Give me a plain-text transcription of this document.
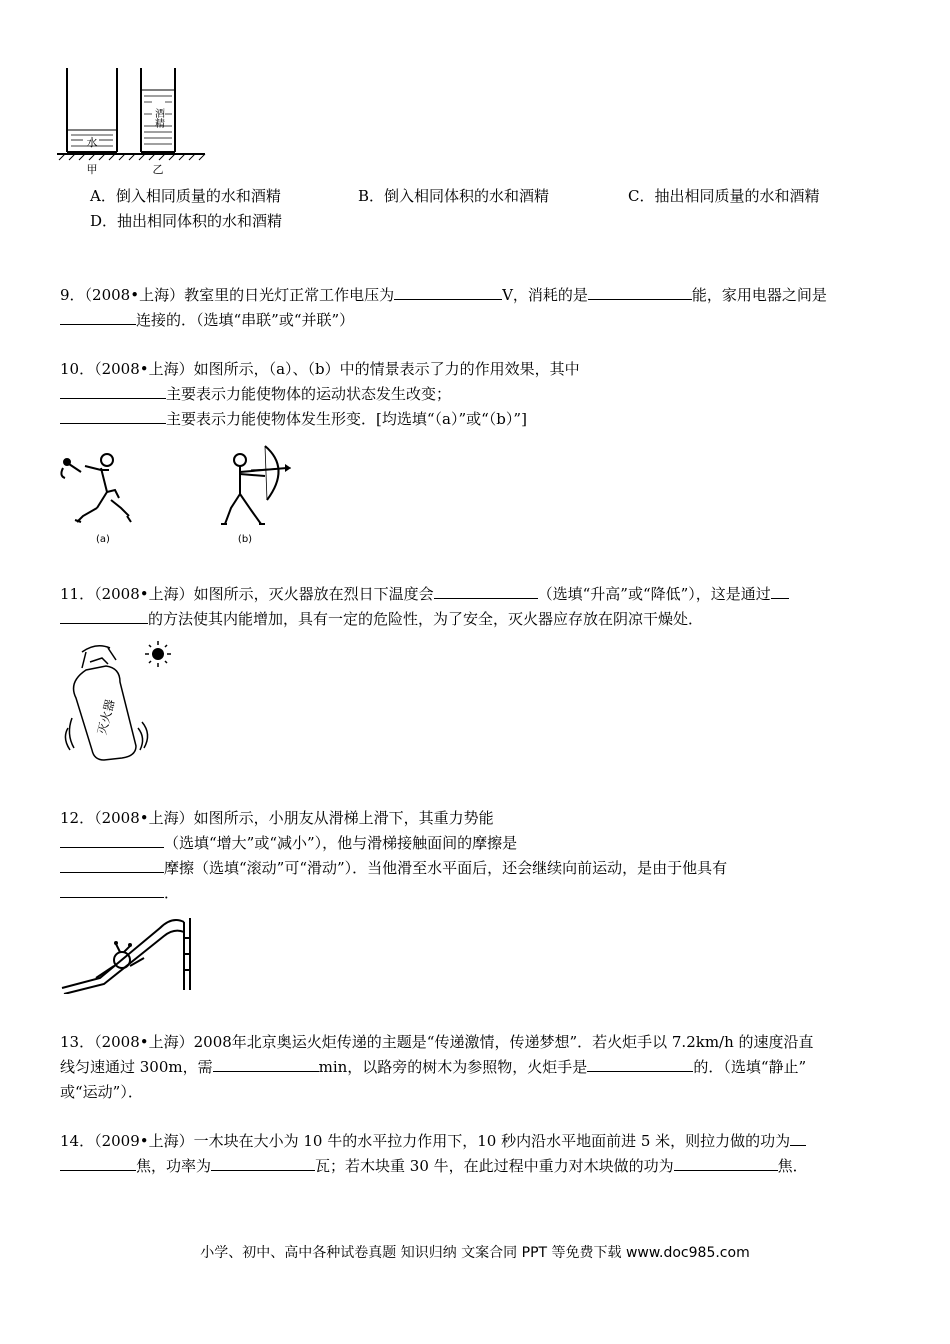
水
酒精
甲	乙
A．倒入相同质量的水和酒精	B．倒入相同体积的水和酒精	C．抽出相同质量的水和酒精
D．抽出相同体积的水和酒精
9．（2008•上海）教室里的日光灯正常工作电压为	V，消耗的是	能，家用电器之间是
连接的．（选填“串联”或“并联”）
10．（2008•上海）如图所示，（a）、（b）中的情景表示了力的作用效果，其中
主要表示力能使物体的运动状态发生改变；
主要表示力能使物体发生形变．[均选填“（a）”或“（b）”]
(a)	(b)
11．（2008•上海）如图所示，灭火器放在烈日下温度会	（选填“升高”或“降低”），这是通过
的方法使其内能增加，具有一定的危险性，为了安全，灭火器应存放在阴凉干燥处．
灭火器
12．（2008•上海）如图所示，小朋友从滑梯上滑下，其重力势能
（选填“增大”或“减小”），他与滑梯接触面间的摩擦是
摩擦（选填“滚动”可“滑动”）．当他滑至水平面后，还会继续向前运动，是由于他具有
．
13．（2008•上海）2008年北京奥运火炬传递的主题是“传递激情，传递梦想”．若火炬手以 7.2km/h 的速度沿直
线匀速通过 300m，需	min，以路旁的树木为参照物，火炬手是	的．（选填“静止”
或“运动”）．
14．（2009•上海）一木块在大小为 10 牛的水平拉力作用下，10 秒内沿水平地面前进 5 米，则拉力做的功为
焦，功率为	瓦；若木块重 30 牛，在此过程中重力对木块做的功为	焦．
小学、初中、高中各种试卷真题 知识归纳 文案合同 PPT 等免费下载 www.doc985.com
